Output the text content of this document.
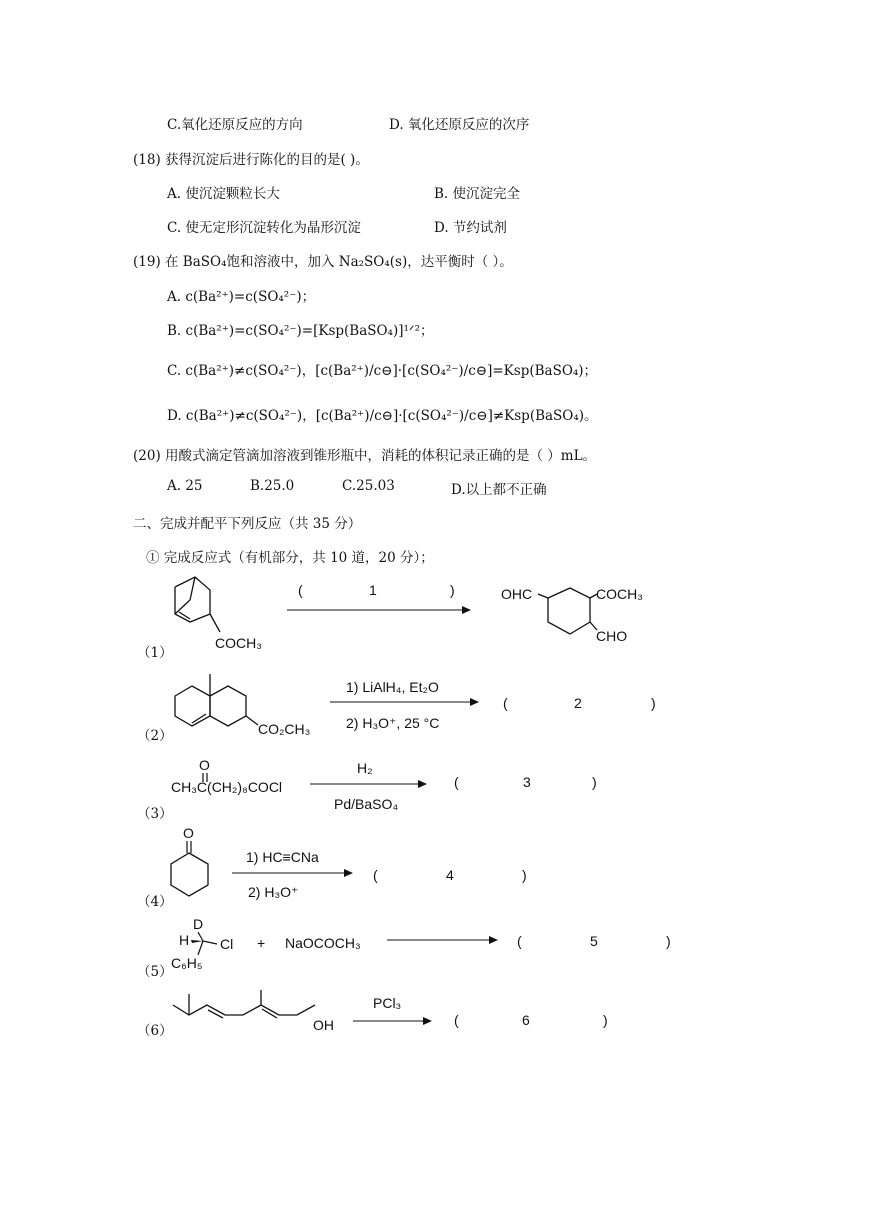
C.氧化还原反应的方向	D. 氧化还原反应的次序
(18) 获得沉淀后进行陈化的目的是( )。
A. 使沉淀颗粒长大	B. 使沉淀完全
C. 使无定形沉淀转化为晶形沉淀	D. 节约试剂
(19) 在 BaSO₄饱和溶液中，加入 Na₂SO₄(s)，达平衡时（ ）。
A. c(Ba²⁺)=c(SO₄²⁻)；
B. c(Ba²⁺)=c(SO₄²⁻)=[Ksp(BaSO₄)]¹ᐟ²；
C. c(Ba²⁺)≠c(SO₄²⁻)，[c(Ba²⁺)/c⊖]·[c(SO₄²⁻)/c⊖]=Ksp(BaSO₄)；
D. c(Ba²⁺)≠c(SO₄²⁻)，[c(Ba²⁺)/c⊖]·[c(SO₄²⁻)/c⊖]≠Ksp(BaSO₄)。
(20) 用酸式滴定管滴加溶液到锥形瓶中，消耗的体积记录正确的是（ ）mL。
A. 25	B.25.0	C.25.03	D.以上都不正确
二、完成并配平下列反应（共 35 分）
① 完成反应式（有机部分，共 10 道，20 分）；
（1）
COCH₃
(	1	)	OHC	COCH₃
CHO
（2）	CO₂CH₃
1) LiAlH₄, Et₂O
2) H₃O⁺, 25 °C
(	2	)
（3）
O
CH₃C(CH₂)₈COCl
H₂
Pd/BaSO₄
(	3	)
（4）
O
1) HC≡CNa
2) H₃O⁺
(	4	)
（5）
D
H Cl
C₆H₅
+ NaOCOCH₃	(	5	)
（6）	OH
PCl₃
(	6	)
